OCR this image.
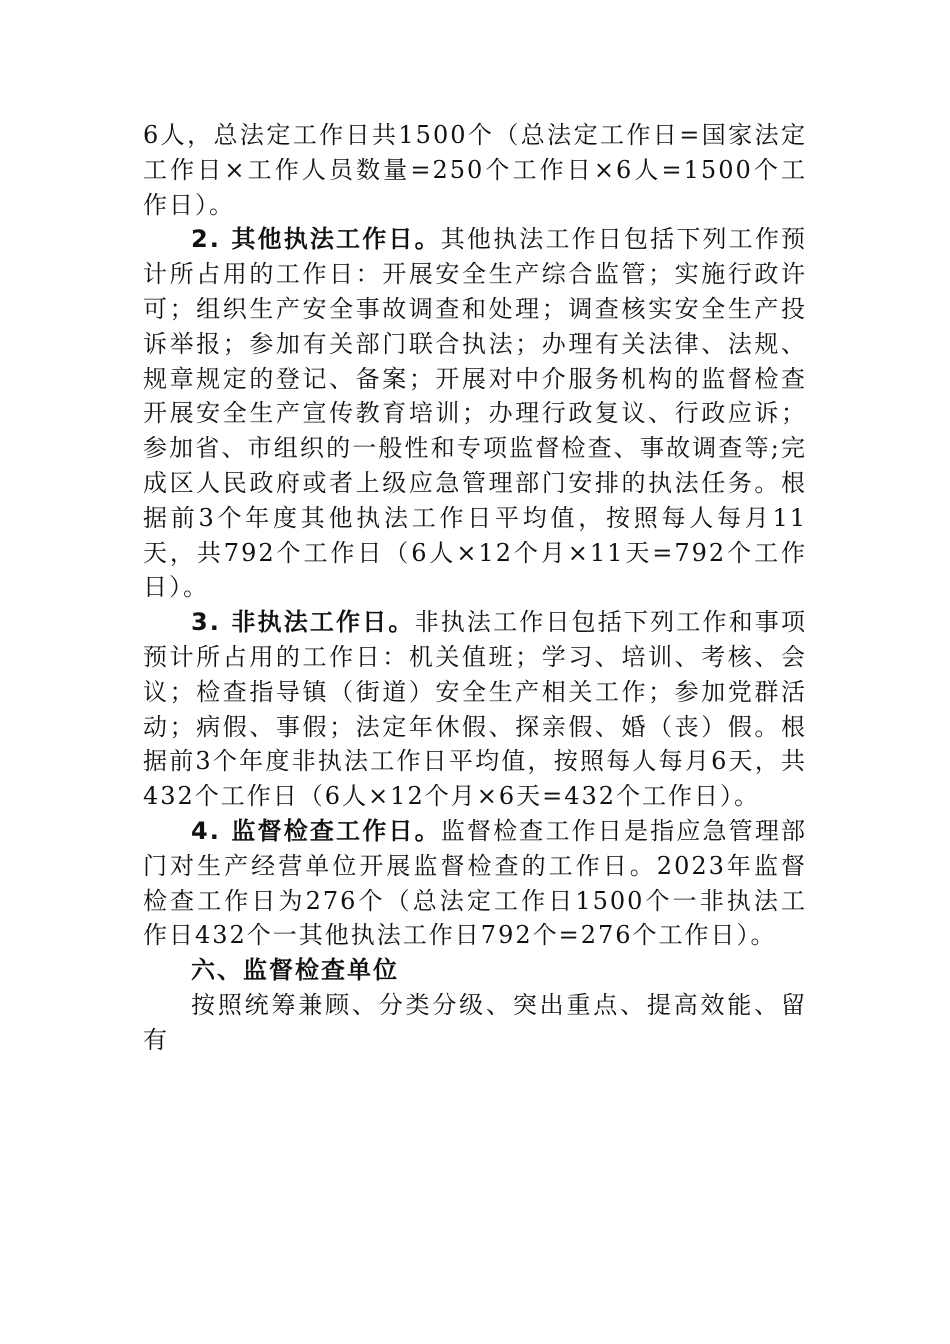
6人，总法定工作日共1500个（总法定工作日=国家法定工作日×工作人员数量=250个工作日×6人=1500个工作日）。

2. 其他执法工作日。其他执法工作日包括下列工作预计所占用的工作日：开展安全生产综合监管；实施行政许可；组织生产安全事故调查和处理；调查核实安全生产投诉举报；参加有关部门联合执法；办理有关法律、法规、规章规定的登记、备案；开展对中介服务机构的监督检查开展安全生产宣传教育培训；办理行政复议、行政应诉；参加省、市组织的一般性和专项监督检查、事故调查等;完成区人民政府或者上级应急管理部门安排的执法任务。根据前3个年度其他执法工作日平均值，按照每人每月11天，共792个工作日（6人×12个月×11天=792个工作日）。

3. 非执法工作日。非执法工作日包括下列工作和事项预计所占用的工作日：机关值班；学习、培训、考核、会议；检查指导镇（街道）安全生产相关工作；参加党群活动；病假、事假；法定年休假、探亲假、婚（丧）假。根据前3个年度非执法工作日平均值，按照每人每月6天，共432个工作日（6人×12个月×6天=432个工作日）。

4. 监督检查工作日。监督检查工作日是指应急管理部门对生产经营单位开展监督检查的工作日。2023年监督检查工作日为276个（总法定工作日1500个一非执法工作日432个一其他执法工作日792个=276个工作日）。

六、监督检查单位

按照统筹兼顾、分类分级、突出重点、提高效能、留有
